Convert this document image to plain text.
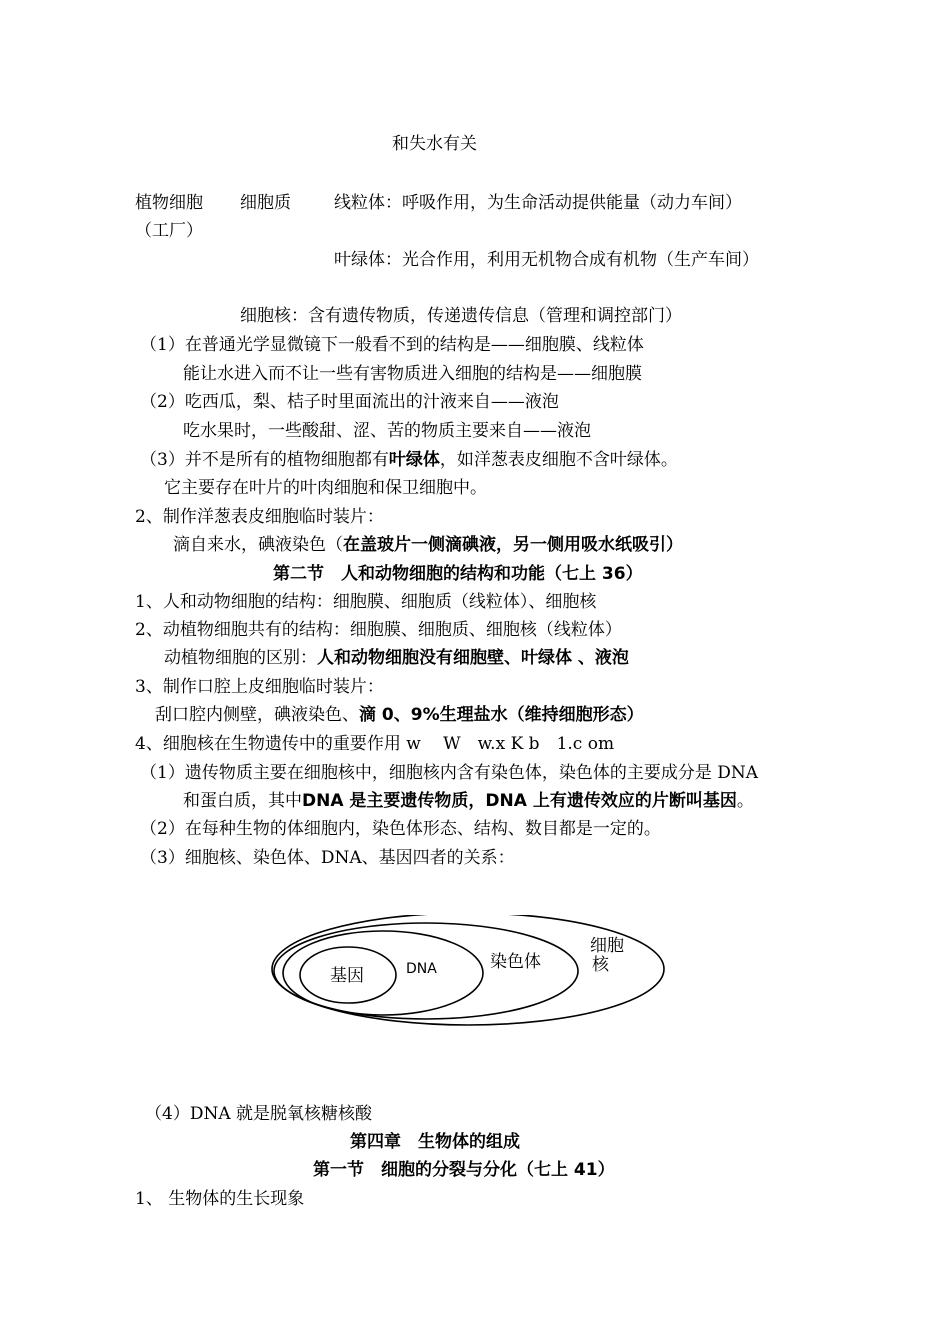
和失水有关
植物细胞 细胞质	线粒体：呼吸作用，为生命活动提供能量（动力车间）
（工厂）
叶绿体：光合作用，利用无机物合成有机物（生产车间）
细胞核：含有遗传物质，传递遗传信息（管理和调控部门）
（1）在普通光学显微镜下一般看不到的结构是——细胞膜、线粒体
能让水进入而不让一些有害物质进入细胞的结构是——细胞膜
（2）吃西瓜，梨、桔子时里面流出的汁液来自——液泡
吃水果时，一些酸甜、涩、苦的物质主要来自——液泡
（3）并不是所有的植物细胞都有叶绿体，如洋葱表皮细胞不含叶绿体。
它主要存在叶片的叶肉细胞和保卫细胞中。
2、制作洋葱表皮细胞临时装片：
滴自来水，碘液染色（在盖玻片一侧滴碘液，另一侧用吸水纸吸引）
第二节　人和动物细胞的结构和功能（七上 36）
1、人和动物细胞的结构：细胞膜、细胞质（线粒体）、细胞核
2、动植物细胞共有的结构：细胞膜、细胞质、细胞核（线粒体）
动植物细胞的区别：人和动物细胞没有细胞壁、叶绿体 、液泡
3、制作口腔上皮细胞临时装片：
刮口腔内侧壁，碘液染色、滴 0、9%生理盐水（维持细胞形态）
4、细胞核在生物遗传中的重要作用 w　 W　w.x K b　1.c om
（1）遗传物质主要在细胞核中，细胞核内含有染色体，染色体的主要成分是 DNA
和蛋白质，其中DNA 是主要遗传物质，DNA 上有遗传效应的片断叫基因。
（2）在每种生物的体细胞内，染色体形态、结构、数目都是一定的。
（3）细胞核、染色体、DNA、基因四者的关系：
基因	DNA	染色体
细胞
核
（4）DNA 就是脱氧核糖核酸
第四章　生物体的组成
第一节　细胞的分裂与分化（七上 41）
1、 生物体的生长现象
